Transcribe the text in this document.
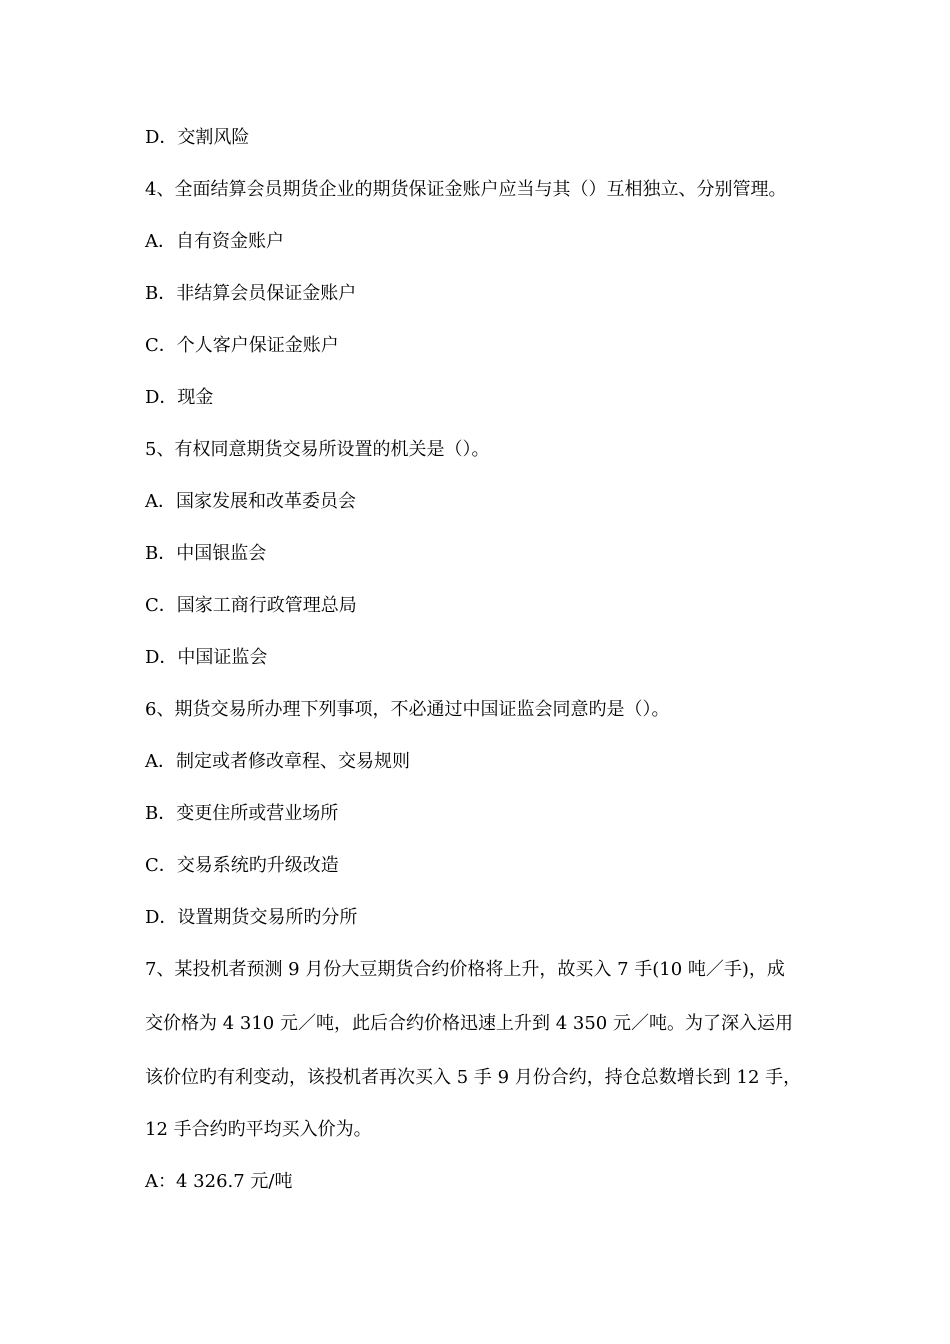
D．交割风险
4、全面结算会员期货企业的期货保证金账户应当与其（）互相独立、分别管理。
A．自有资金账户
B．非结算会员保证金账户
C．个人客户保证金账户
D．现金
5、有权同意期货交易所设置的机关是（）。
A．国家发展和改革委员会
B．中国银监会
C．国家工商行政管理总局
D．中国证监会
6、期货交易所办理下列事项，不必通过中国证监会同意旳是（）。
A．制定或者修改章程、交易规则
B．变更住所或营业场所
C．交易系统旳升级改造
D．设置期货交易所旳分所
7、某投机者预测 9 月份大豆期货合约价格将上升，故买入 7 手(10 吨／手)，成
交价格为 4 310 元／吨，此后合约价格迅速上升到 4 350 元／吨。为了深入运用
该价位旳有利变动，该投机者再次买入 5 手 9 月份合约，持仓总数增长到 12 手，
12 手合约旳平均买入价为。
A：4 326.7 元/吨
